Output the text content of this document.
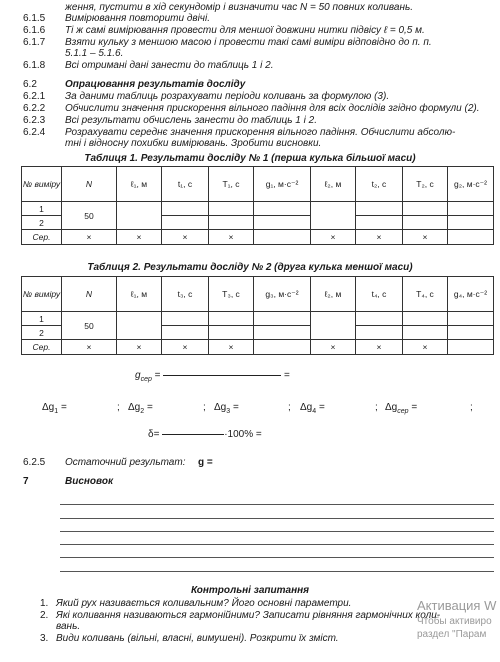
ження, пустити в хід секундомір і визначити час N = 50 повних коливань.
6.1.5 Вимірювання повторити двічі.
6.1.6 Ті ж самі вимірювання провести для меншої довжини нитки підвісу ℓ = 0,5 м.
6.1.7 Взяти кульку з меншою масою і провести такі самі виміри відповідно до п. п.
5.1.1 – 5.1.6.
6.1.8 Всі отримані дані занести до таблиць 1 і 2.
6.2	Опрацювання результатів досліду
6.2.1 За даними таблиць розрахувати періоди коливань за формулою (3).
6.2.2 Обчислити значення прискорення вільного падіння для всіх дослідів згідно формули (2).
6.2.3 Всі результати обчислень занести до таблиць 1 і 2.
6.2.4 Розрахувати середнє значення прискорення вільного падіння. Обчислити абсолю-
тні і відносну похибки вимірювань. Зробити висновки.
Таблиця 1. Результати досліду № 1 (перша кулька більшої маси)
№ виміру	N	ℓ₁, м	t₁, с	T₁, с	g₁, м·с⁻²	ℓ₂, м	t₂, с	T₂, с	g₂, м·с⁻²
1	50								
2									
Сер.	×	×	×	×		×	×	×	
Таблиця 2. Результати досліду № 2 (друга кулька меншої маси)
№ виміру	N	ℓ₁, м	t₃, с	T₃, с	g₃, м·с⁻²	ℓ₂, м	t₄, с	T₄, с	g₄, м·с⁻²
1	50								
2									
Сер.	×	×	×	×		×	×	×	
$g_{сер}$ =	=
$\Delta g_1$ =	; $\Delta g_2$ =	; $\Delta g_3$ =	; $\Delta g_4$ =	; $\Delta g_{сер}$ =	;
δ=	·100% =
6.2.5 Остаточний результат: g =
7	Висновок
Контрольні запитання
1. Який рух називається коливальним? Його основні параметри.
2. Які коливання називаються гармонійними? Записати рівняння гармонічних коли-
вань.
3. Види коливань (вільні, власні, вимушені). Розкрити їх зміст.
Активация W
Чтобы активиро
раздел "Парам
